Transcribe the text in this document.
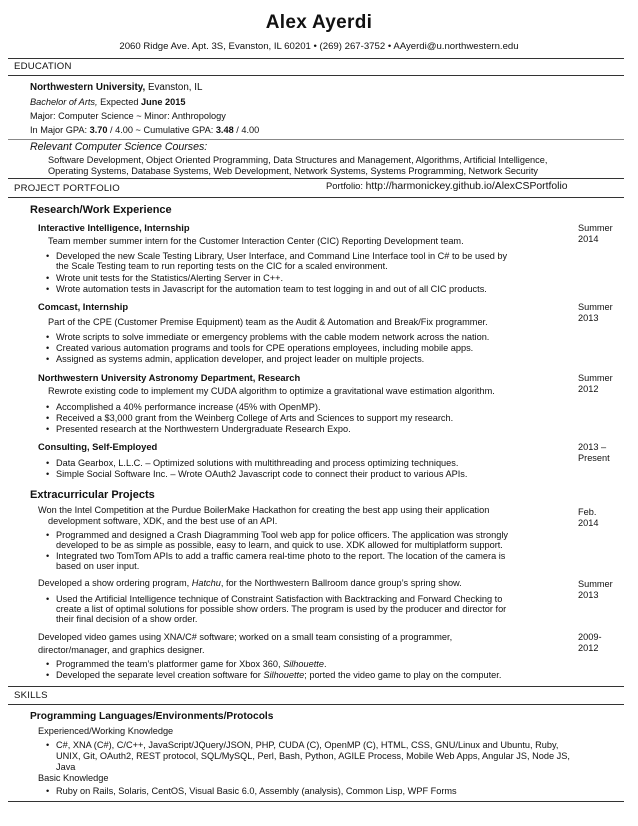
Alex Ayerdi
2060 Ridge Ave. Apt. 3S, Evanston, IL 60201 • (269) 267-3752 • AAyerdi@u.northwestern.edu
EDUCATION
Northwestern University, Evanston, IL
Bachelor of Arts, Expected June 2015
Major: Computer Science ~ Minor: Anthropology
In Major GPA: 3.70 / 4.00 ~ Cumulative GPA: 3.48 / 4.00
Relevant Computer Science Courses:
Software Development, Object Oriented Programming, Data Structures and Management, Algorithms, Artificial Intelligence,
Operating Systems, Database Systems, Web Development, Network Systems, Systems Programming, Network Security
PROJECT PORTFOLIO	Portfolio: http://harmonickey.github.io/AlexCSPortfolio
Research/Work Experience
Interactive Intelligence, Internship	Summer
2014
Team member summer intern for the Customer Interaction Center (CIC) Reporting Development team.
• Developed the new Scale Testing Library, User Interface, and Command Line Interface tool in C# to be used by
the Scale Testing team to run reporting tests on the CIC for a scaled environment.
• Wrote unit tests for the Statistics/Alerting Server in C++.
• Wrote automation tests in Javascript for the automation team to test logging in and out of all CIC products.
Comcast, Internship	Summer
2013
Part of the CPE (Customer Premise Equipment) team as the Audit & Automation and Break/Fix programmer.
• Wrote scripts to solve immediate or emergency problems with the cable modem network across the nation.
• Created various automation programs and tools for CPE operations employees, including mobile apps.
• Assigned as systems admin, application developer, and project leader on multiple projects.
Northwestern University Astronomy Department, Research	Summer
2012
Rewrote existing code to implement my CUDA algorithm to optimize a gravitational wave estimation algorithm.
• Accomplished a 40% performance increase (45% with OpenMP).
• Received a $3,000 grant from the Weinberg College of Arts and Sciences to support my research.
• Presented research at the Northwestern Undergraduate Research Expo.
Consulting, Self-Employed	2013 –
Present
• Data Gearbox, L.L.C. – Optimized solutions with multithreading and process optimizing techniques.
• Simple Social Software Inc. – Wrote OAuth2 Javascript code to connect their product to various APIs.
Extracurricular Projects
Won the Intel Competition at the Purdue BoilerMake Hackathon for creating the best app using their application
development software, XDK, and the best use of an API.
Feb.
2014
• Programmed and designed a Crash Diagramming Tool web app for police officers. The application was strongly
developed to be as simple as possible, easy to learn, and quick to use. XDK allowed for multiplatform support.
• Integrated two TomTom APIs to add a traffic camera real-time photo to the report. The location of the camera is
based on user input.
Developed a show ordering program, Hatchu, for the Northwestern Ballroom dance group’s spring show.	Summer
2013
• Used the Artificial Intelligence technique of Constraint Satisfaction with Backtracking and Forward Checking to
create a list of optimal solutions for possible show orders. The program is used by the producer and director for
their final decision of a show order.
Developed video games using XNA/C# software; worked on a small team consisting of a programmer,
director/manager, and graphics designer.
2009-
2012
• Programmed the team’s platformer game for Xbox 360, Silhouette.
• Developed the separate level creation software for Silhouette; ported the video game to play on the computer.
SKILLS
Programming Languages/Environments/Protocols
Experienced/Working Knowledge
• C#, XNA (C#), C/C++, JavaScript/JQuery/JSON, PHP, CUDA (C), OpenMP (C), HTML, CSS, GNU/Linux and Ubuntu, Ruby,
UNIX, Git, OAuth2, REST protocol, SQL/MySQL, Perl, Bash, Python, AGILE Process, Mobile Web Apps, Angular JS, Node JS,
Java
Basic Knowledge
• Ruby on Rails, Solaris, CentOS, Visual Basic 6.0, Assembly (analysis), Common Lisp, WPF Forms
